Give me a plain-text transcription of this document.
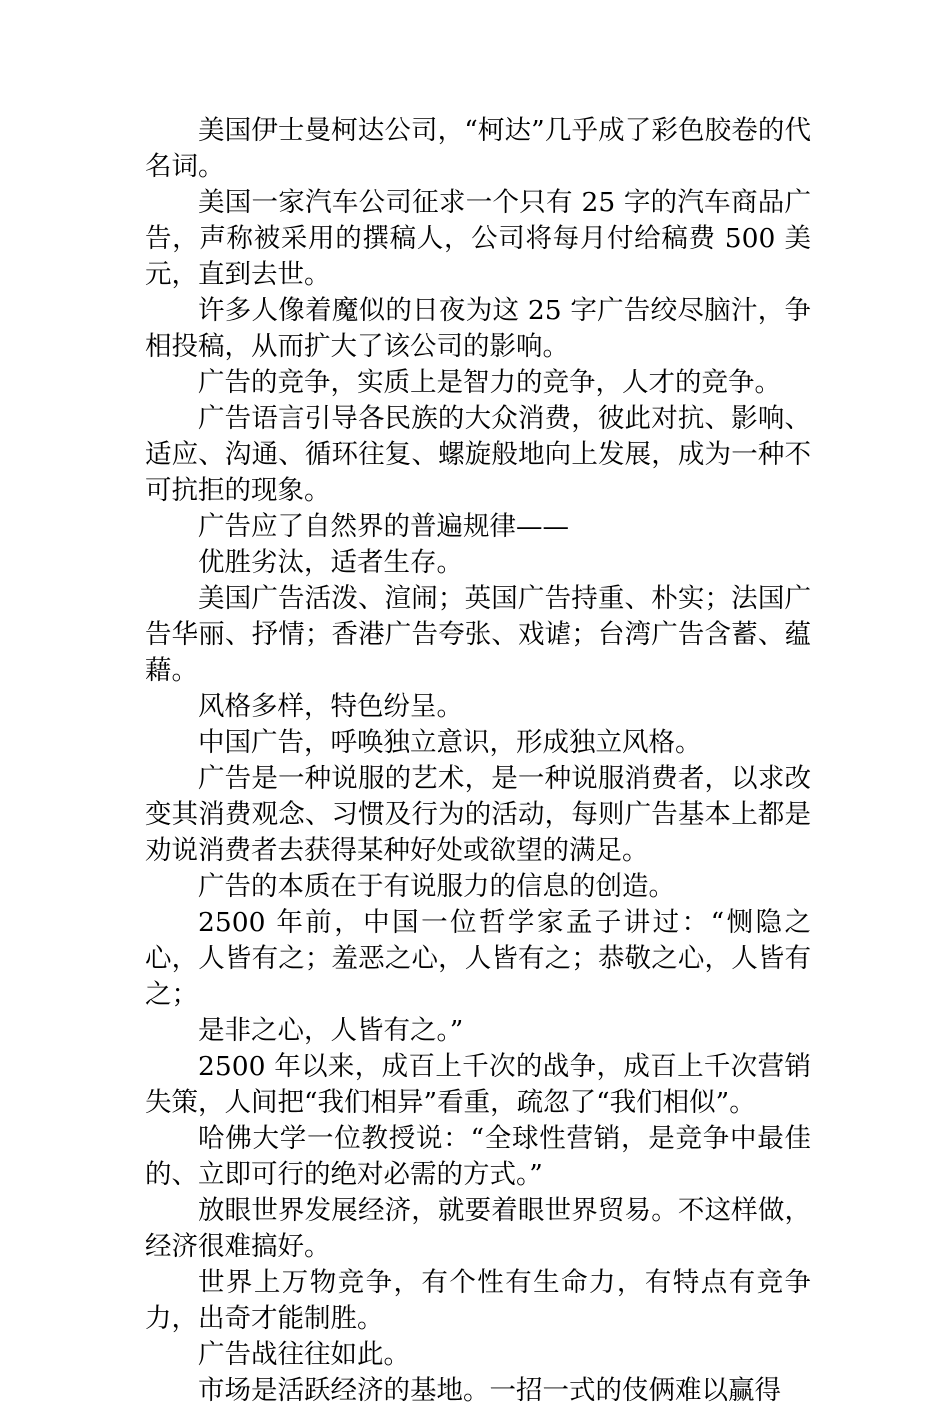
美国伊士曼柯达公司，“柯达”几乎成了彩色胶卷的代名词。

美国一家汽车公司征求一个只有 25 字的汽车商品广告，声称被采用的撰稿人，公司将每月付给稿费 500 美元，直到去世。

许多人像着魔似的日夜为这 25 字广告绞尽脑汁，争相投稿，从而扩大了该公司的影响。

广告的竞争，实质上是智力的竞争，人才的竞争。

广告语言引导各民族的大众消费，彼此对抗、影响、适应、沟通、循环往复、螺旋般地向上发展，成为一种不可抗拒的现象。

广告应了自然界的普遍规律——

优胜劣汰，适者生存。

美国广告活泼、渲闹；英国广告持重、朴实；法国广告华丽、抒情；香港广告夸张、戏谑；台湾广告含蓄、蕴藉。

风格多样，特色纷呈。

中国广告，呼唤独立意识，形成独立风格。

广告是一种说服的艺术，是一种说服消费者，以求改变其消费观念、习惯及行为的活动，每则广告基本上都是劝说消费者去获得某种好处或欲望的满足。

广告的本质在于有说服力的信息的创造。

2500 年前，中国一位哲学家孟子讲过：“恻隐之心，人皆有之；羞恶之心，人皆有之；恭敬之心，人皆有之；

是非之心，人皆有之。”

2500 年以来，成百上千次的战争，成百上千次营销失策，人间把“我们相异”看重，疏忽了“我们相似”。

哈佛大学一位教授说：“全球性营销，是竞争中最佳的、立即可行的绝对必需的方式。”

放眼世界发展经济，就要着眼世界贸易。不这样做，经济很难搞好。

世界上万物竞争，有个性有生命力，有特点有竞争力，出奇才能制胜。

广告战往往如此。

市场是活跃经济的基地。一招一式的伎俩难以赢得
